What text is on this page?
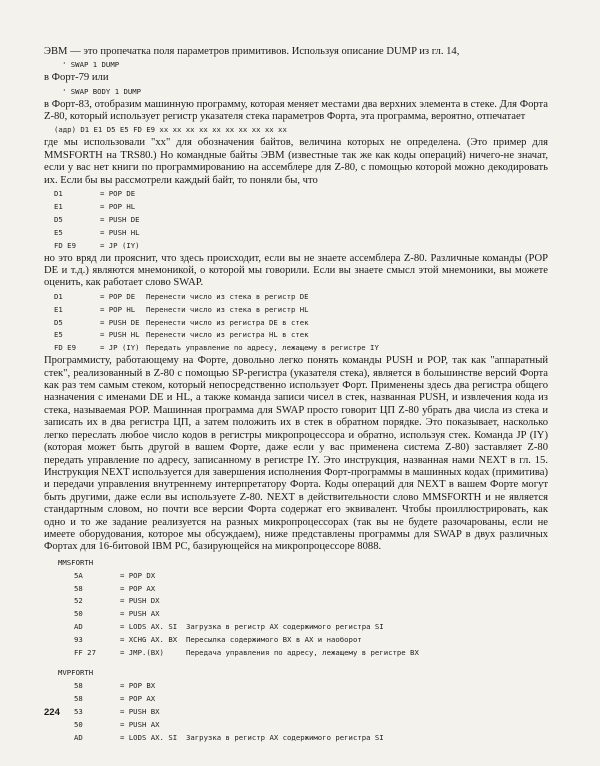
ЭВМ — это пропечатка поля параметров примитивов. Используя описание DUMP из гл. 14,

' SWAP 1 DUMP

в Форт-79 или

' SWAP BODY 1 DUMP

в Форт-83, отобразим машинную программу, которая меняет местами два верхних элемента в стеке. Для Форта Z-80, который использует регистр указателя стека параметров Форта, эта программа, вероятно, отпечатает

(адр) D1 E1 D5 E5 FD E9 xx xx xx xx xx xx xx xx xx xx

где мы использовали "xx" для обозначения байтов, величина которых не определена. (Это пример для MMSFORTH на TRS80.) Но командные байты ЭВМ (известные так же как коды операций) ничего-не значат, если у вас нет книги по программированию на ассемблере для Z-80, с помощью которой можно декодировать их. Если бы вы рассмотрели каждый байт, то поняли бы, что

D1	= POP DE
E1	= POP HL
D5	= PUSH DE
E5	= PUSH HL
FD E9	= JP (IY)

но это вряд ли прояснит, что здесь происходит, если вы не знаете ассемблера Z-80. Различные команды (POP DE и т.д.) являются мнемоникой, о которой мы говорили. Если вы знаете смысл этой мнемоники, вы можете оценить, как работает слово SWAP.

D1	= POP DE Перенести число из стека в регистр DE
E1	= POP HL Перенести число из стека в регистр HL
D5	= PUSH DE Перенести число из регистра DE в стек
E5	= PUSH HL Перенести число из регистра HL в стек
FD E9	= JP (IY) Передать управление по адресу, лежащему в регистре IY

Программисту, работающему на Форте, довольно легко понять команды PUSH и POP, так как "аппаратный стек", реализованный в Z-80 с помощью SP-регистра (указателя стека), является в большинстве версий Форта как раз тем самым стеком, который непосредственно использует Форт. Применены здесь два регистра общего назначения с именами DE и HL, а также команда записи чисел в стек, названная PUSH, и извлечения кода из стека, называемая POP. Машинная программа для SWAP просто говорит ЦП Z-80 убрать два числа из стека и записать их в два регистра ЦП, а затем положить их в стек в обратном порядке. Это показывает, насколько легко переслать любое число кодов в регистры микропроцессора и обратно, используя стек. Команда JP (IY) (которая может быть другой в вашем Форте, даже если у вас применена система Z-80) заставляет Z-80 передать управление по адресу, записанному в регистре IY. Это инструкция, названная нами NEXT в гл. 15. Инструкция NEXT используется для завершения исполнения Форт-программы в машинных кодах (примитива) и передачи управления внутреннему интерпретатору Форта. Коды операций для NEXT в вашем Форте могут быть другими, даже если вы используете Z-80. NEXT в действительности слово MMSFORTH и не является стандартным словом, но почти все версии Форта содержат его эквивалент. Чтобы проиллюстрировать, как одно и то же задание реализуется на разных микропроцессорах (так вы не будете разочарованы, если не имеете оборудования, которое мы обсуждаем), ниже представлены программы для SWAP в двух различных Фортах для 16-битовой IBM PC, базирующейся на микропроцессоре 8088.

MMSFORTH
5A	= POP DX
58	= POP AX
52	= PUSH DX
50	= PUSH AX
AD	= LODS AX. SI Загрузка в регистр AX содержимого регистра SI
93	= XCHG AX. BX Пересылка содержимого BX в AX и наоборот
FF 27	= JMP.(BX)	Передача управления по адресу, лежащему в регистре BX
MVPFORTH
58	= POP BX
58	= POP AX
53	= PUSH BX
50	= PUSH AX
AD	= LODS AX. SI Загрузка в регистр AX содержимого регистра SI
224
